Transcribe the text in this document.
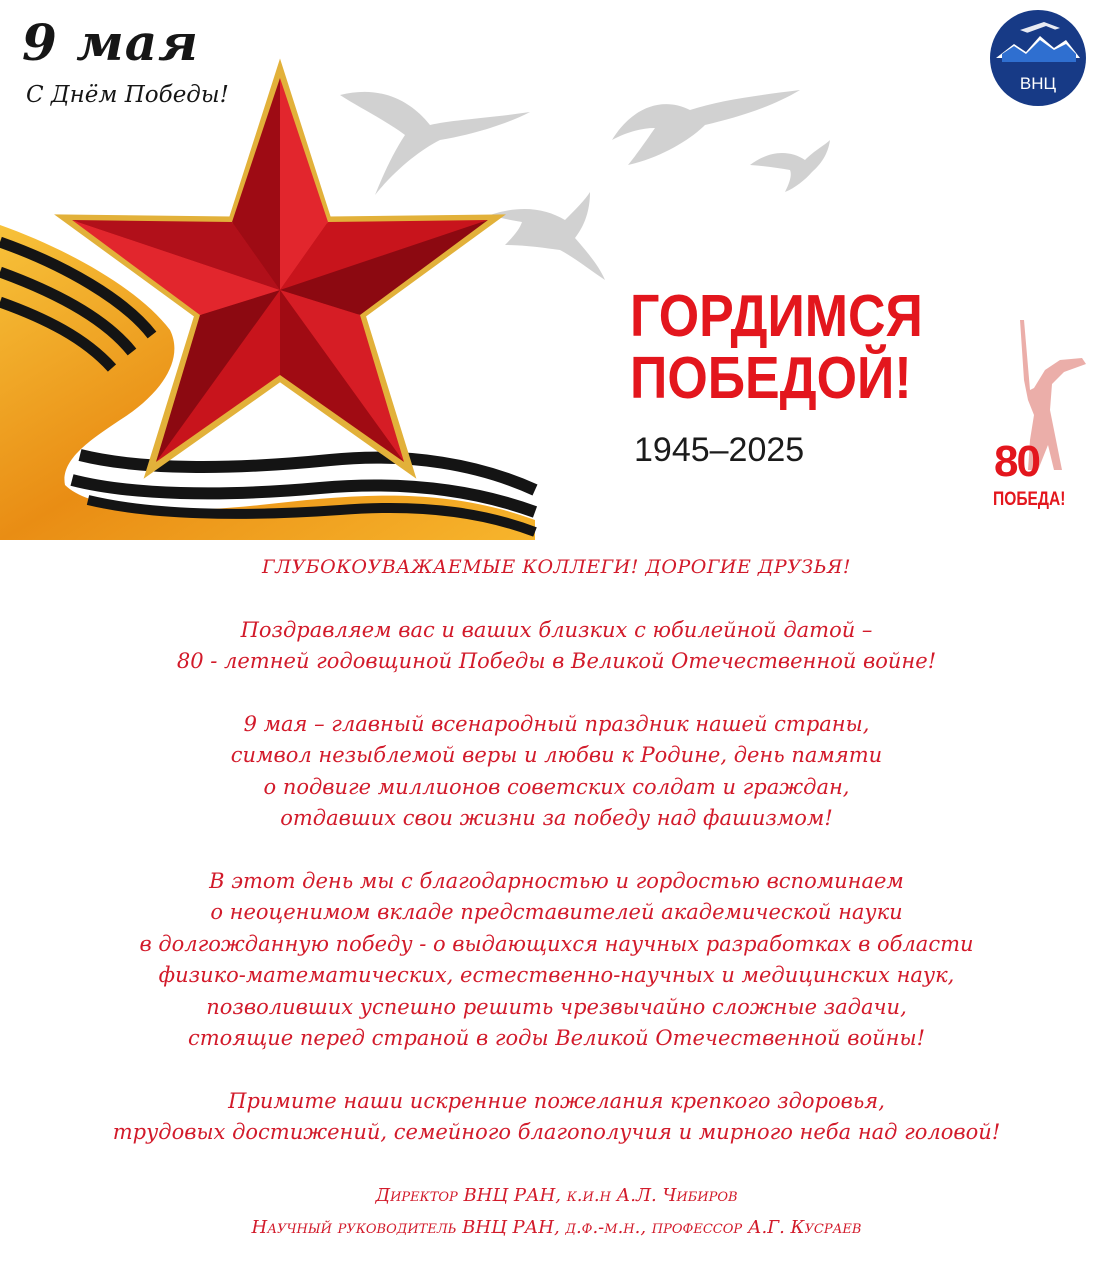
9 мая
С Днём Победы!	ВНЦ
ГОРДИМСЯ
ПОБЕДОЙ!
1945–2025	80
ПОБЕДА!
ГЛУБОКОУВАЖАЕМЫЕ КОЛЛЕГИ! ДОРОГИЕ ДРУЗЬЯ!
Поздравляем вас и ваших близких с юбилейной датой –
80 - летней годовщиной Победы в Великой Отечественной войне!
9 мая – главный всенародный праздник нашей страны,
символ незыблемой веры и любви к Родине, день памяти
о подвиге миллионов советских солдат и граждан,
отдавших свои жизни за победу над фашизмом!
В этот день мы с благодарностью и гордостью вспоминаем
о неоценимом вкладе представителей академической науки
в долгожданную победу - о выдающихся научных разработках в области
физико-математических, естественно-научных и медицинских наук,
позволивших успешно решить чрезвычайно сложные задачи,
стоящие перед страной в годы Великой Отечественной войны!
Примите наши искренние пожелания крепкого здоровья,
трудовых достижений, семейного благополучия и мирного неба над головой!
Директор ВНЦ РАН, к.и.н А.Л. Чибиров
Научный руководитель ВНЦ РАН, д.ф.-м.н., профессор А.Г. Кусраев
